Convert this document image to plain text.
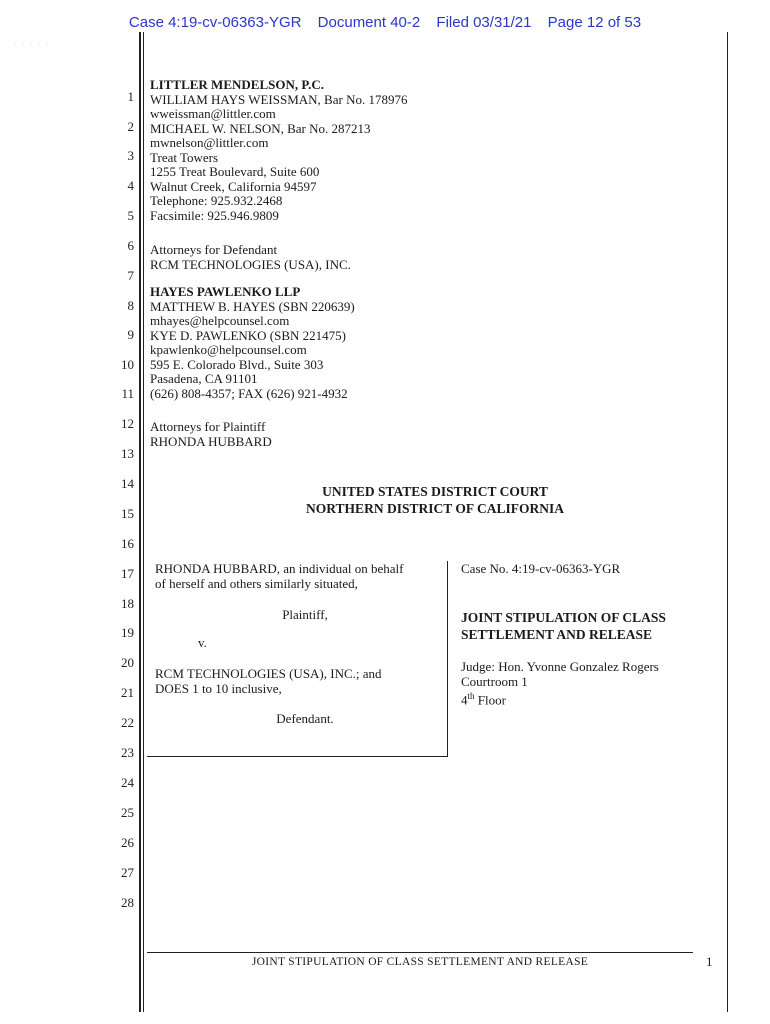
Case 4:19-cv-06363-YGR Document 40-2 Filed 03/31/21 Page 12 of 53
· · · · ·
1
2
3
4
5
6
7
8
9
10
11
12
13
14
15
16
17
18
19
20
21
22
23
24
25
26
27
28
LITTLER MENDELSON, P.C.
WILLIAM HAYS WEISSMAN, Bar No. 178976
wweissman@littler.com
MICHAEL W. NELSON, Bar No. 287213
mwnelson@littler.com
Treat Towers
1255 Treat Boulevard, Suite 600
Walnut Creek, California 94597
Telephone: 925.932.2468
Facsimile: 925.946.9809
Attorneys for Defendant
RCM TECHNOLOGIES (USA), INC.
HAYES PAWLENKO LLP
MATTHEW B. HAYES (SBN 220639)
mhayes@helpcounsel.com
KYE D. PAWLENKO (SBN 221475)
kpawlenko@helpcounsel.com
595 E. Colorado Blvd., Suite 303
Pasadena, CA 91101
(626) 808-4357; FAX (626) 921-4932
Attorneys for Plaintiff
RHONDA HUBBARD
UNITED STATES DISTRICT COURT
NORTHERN DISTRICT OF CALIFORNIA
RHONDA HUBBARD, an individual on behalf
of herself and others similarly situated,
Plaintiff,
v.
RCM TECHNOLOGIES (USA), INC.; and
DOES 1 to 10 inclusive,
Defendant.
Case No. 4:19-cv-06363-YGR
JOINT STIPULATION OF CLASS
SETTLEMENT AND RELEASE
Judge: Hon. Yvonne Gonzalez Rogers
Courtroom 1
4th Floor
JOINT STIPULATION OF CLASS SETTLEMENT AND RELEASE	1
